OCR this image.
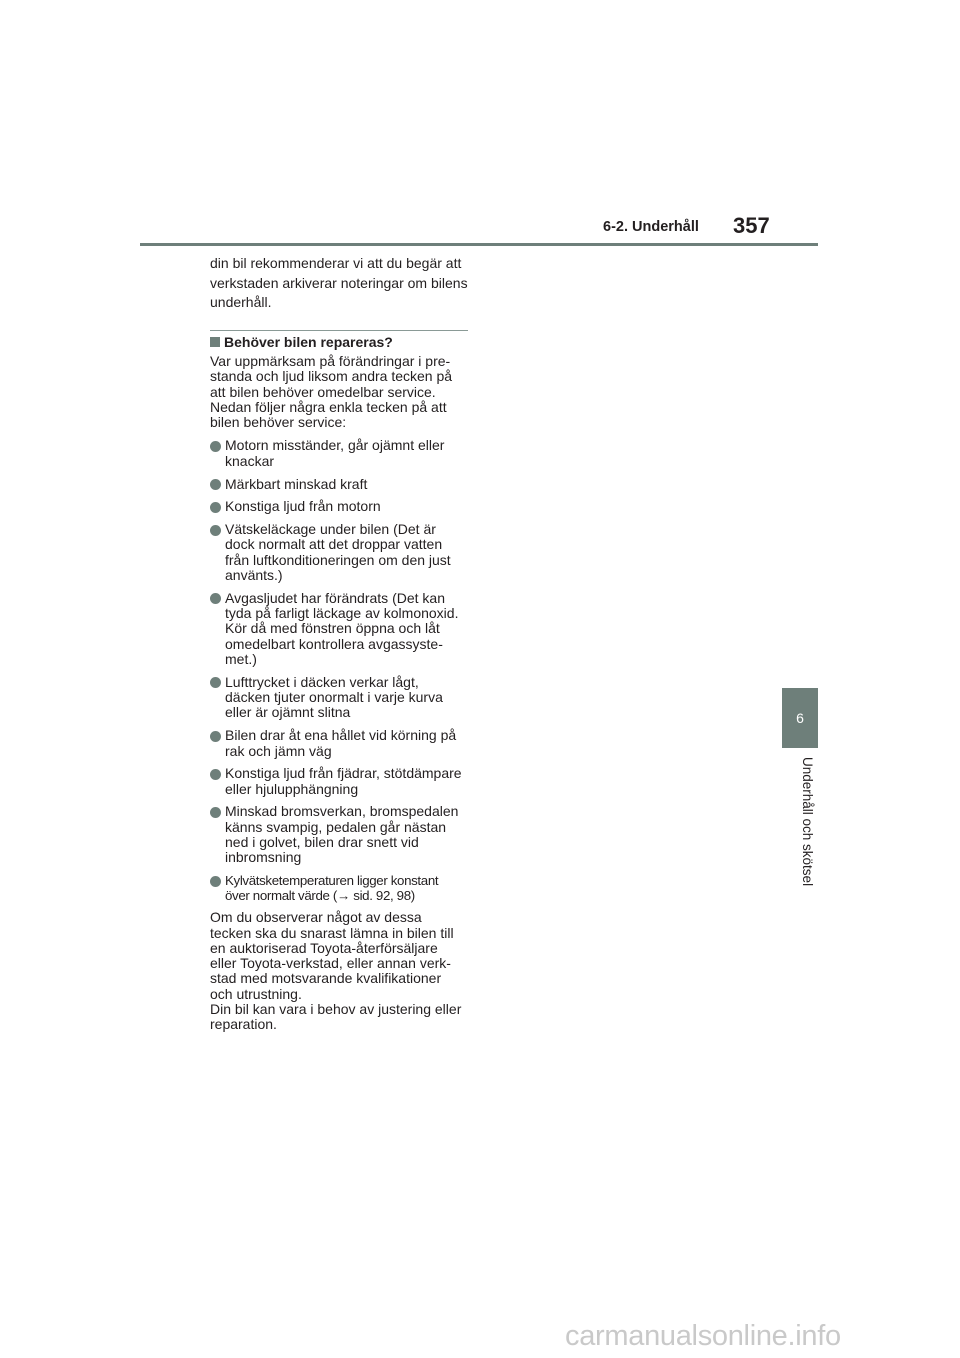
6-2. Underhåll 357
6
Underhåll och skötsel

din bil rekommenderar vi att du begär att verkstaden arkiverar noteringar om bilens underhåll.

Behöver bilen repareras?

Var uppmärksam på förändringar i pre-
standa och ljud liksom andra tecken på
att bilen behöver omedelbar service.
Nedan följer några enkla tecken på att
bilen behöver service:

Motorn misständer, går ojämnt eller
knackar
Märkbart minskad kraft
Konstiga ljud från motorn
Vätskeläckage under bilen (Det är
dock normalt att det droppar vatten
från luftkonditioneringen om den just
använts.)
Avgasljudet har förändrats (Det kan
tyda på farligt läckage av kolmonoxid.
Kör då med fönstren öppna och låt
omedelbart kontrollera avgassyste-
met.)
Lufttrycket i däcken verkar lågt,
däcken tjuter onormalt i varje kurva
eller är ojämnt slitna
Bilen drar åt ena hållet vid körning på
rak och jämn väg
Konstiga ljud från fjädrar, stötdämpare
eller hjulupphängning
Minskad bromsverkan, bromspedalen
känns svampig, pedalen går nästan
ned i golvet, bilen drar snett vid
inbromsning
Kylvätsketemperaturen ligger konstant
över normalt värde (→ sid. 92, 98)

Om du observerar något av dessa
tecken ska du snarast lämna in bilen till
en auktoriserad Toyota-återförsäljare
eller Toyota-verkstad, eller annan verk-
stad med motsvarande kvalifikationer
och utrustning.
Din bil kan vara i behov av justering eller
reparation.

carmanualsonline.info
